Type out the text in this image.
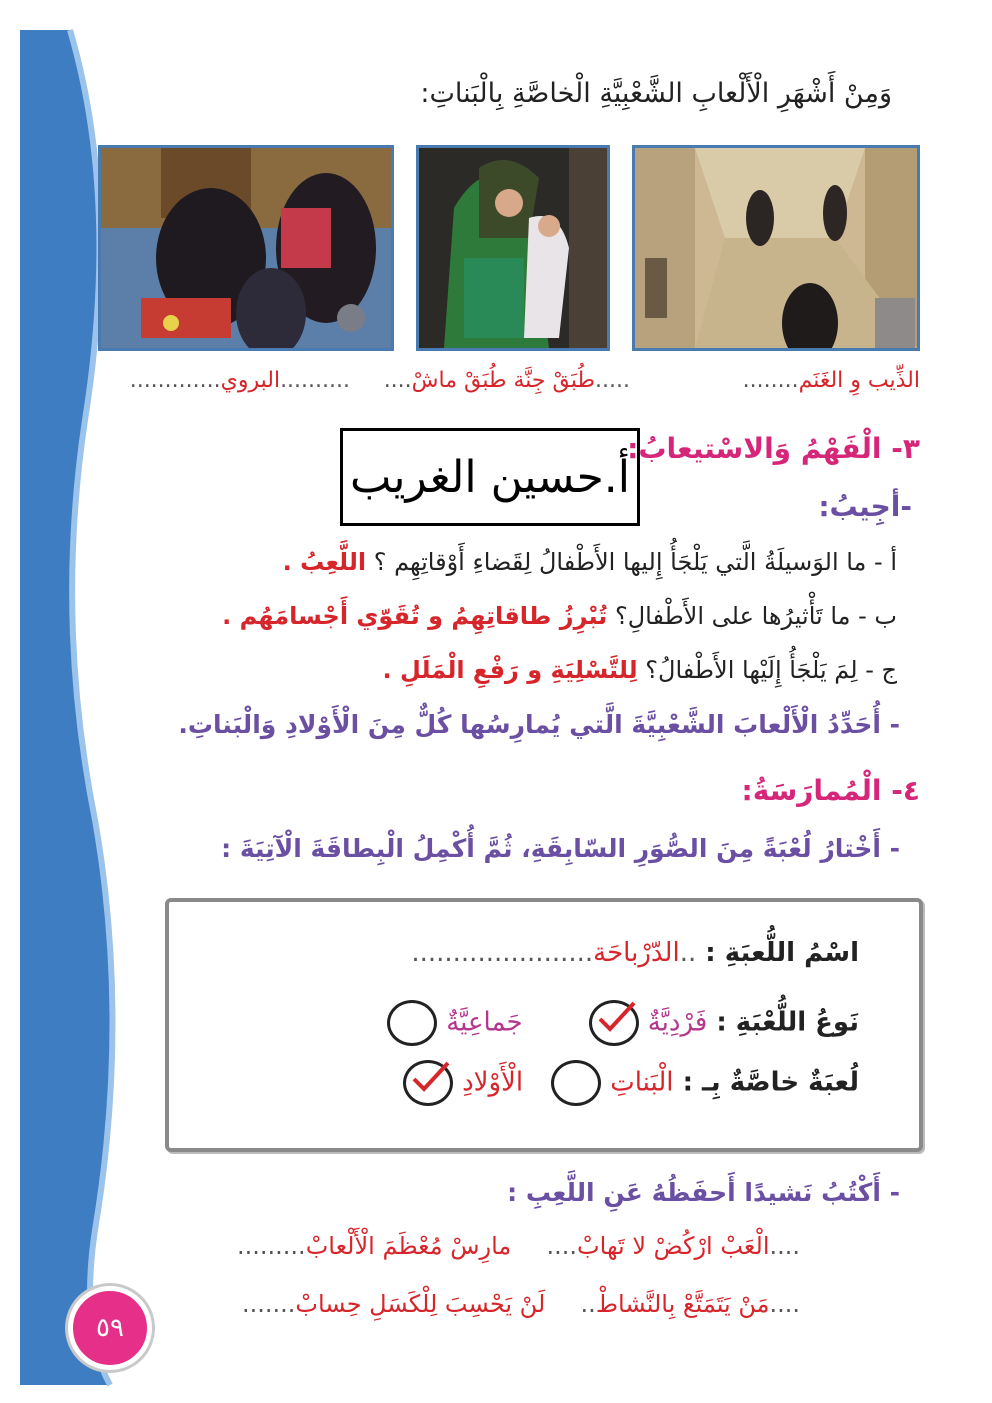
وَمِنْ أَشْهَرِ الْأَلْعابِ الشَّعْبِيَّةِ الْخاصَّةِ بِالْبَناتِ:
الذِّيب وِ الغَنَم........
.....طُبَقْ جِنَّة طُبَقْ ماشْ....
..........البروي.............
أ.حسين الغريب
٣- الْفَهْمُ وَالاسْتيعابُ:
-أجِيبُ:
أ - ما الوَسيلَةُ الَّتي يَلْجَأُ إِليها الأَطْفالُ لِقَضاءِ أَوْقاتِهِم ؟ اللَّعِبُ .
ب - ما تَأْثيرُها على الأَطْفالِ؟ تُبْرِزُ طاقاتِهِمُ و تُقَوّي أَجْسامَهُم .
ج - لِمَ يَلْجَأُ إِلَيْها الأَطْفالُ؟ لِلتَّسْلِيَةِ و رَفْعِ الْمَلَلِ .
- أُحَدِّدُ الْأَلْعابَ الشَّعْبِيَّةَ الَّتي يُمارِسُها كُلٌّ مِنَ الْأَوْلادِ وَالْبَناتِ.
٤- الْمُمارَسَةُ:
- أَخْتارُ لُعْبَةً مِنَ الصُّوَرِ السّابِقَةِ، ثُمَّ أُكْمِلُ الْبِطاقَةَ الْآتِيَةَ :
اسْمُ اللُّعبَةِ : ..الدّرْباحَة......................
نَوعُ اللُّعْبَةِ : فَرْدِيَّةٌ
جَماعِيَّةٌ
لُعبَةٌ خاصَّةٌ بِـ : الْبَناتِ   الْأَوْلادِ
- أَكْتُبُ نَشيدًا أَحفَظُهُ عَنِ اللَّعِبِ :
....الْعَبْ ارْكُضْ لا تَهابْ....  مارِسْ مُعْظَمَ الْأَلْعابْ.........
....مَنْ يَتَمَتَّعْ بِالنَّشاطْ..  لَنْ يَحْسِبَ لِلْكَسَلِ حِسابْ.......
٥٩
